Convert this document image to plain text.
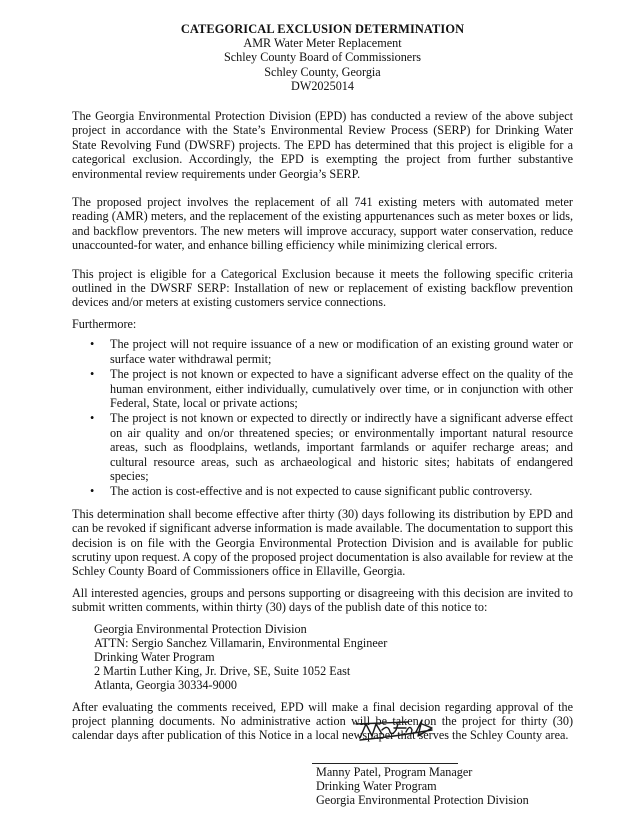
CATEGORICAL EXCLUSION DETERMINATION
AMR Water Meter Replacement
Schley County Board of Commissioners
Schley County, Georgia
DW2025014

The Georgia Environmental Protection Division (EPD) has conducted a review of the above subject project in accordance with the State’s Environmental Review Process (SERP) for Drinking Water State Revolving Fund (DWSRF) projects. The EPD has determined that this project is eligible for a categorical exclusion. Accordingly, the EPD is exempting the project from further substantive environmental review requirements under Georgia’s SERP.

The proposed project involves the replacement of all 741 existing meters with automated meter reading (AMR) meters, and the replacement of the existing appurtenances such as meter boxes or lids, and backflow preventors. The new meters will improve accuracy, support water conservation, reduce unaccounted-for water, and enhance billing efficiency while minimizing clerical errors.

This project is eligible for a Categorical Exclusion because it meets the following specific criteria outlined in the DWSRF SERP: Installation of new or replacement of existing backflow prevention devices and/or meters at existing customers service connections.

Furthermore:

• The project will not require issuance of a new or modification of an existing ground water or surface water withdrawal permit;
• The project is not known or expected to have a significant adverse effect on the quality of the human environment, either individually, cumulatively over time, or in conjunction with other Federal, State, local or private actions;
• The project is not known or expected to directly or indirectly have a significant adverse effect on air quality and on/or threatened species; or environmentally important natural resource areas, such as floodplains, wetlands, important farmlands or aquifer recharge areas; and cultural resource areas, such as archaeological and historic sites; habitats of endangered species;
• The action is cost-effective and is not expected to cause significant public controversy.

This determination shall become effective after thirty (30) days following its distribution by EPD and can be revoked if significant adverse information is made available. The documentation to support this decision is on file with the Georgia Environmental Protection Division and is available for public scrutiny upon request. A copy of the proposed project documentation is also available for review at the Schley County Board of Commissioners office in Ellaville, Georgia.

All interested agencies, groups and persons supporting or disagreeing with this decision are invited to submit written comments, within thirty (30) days of the publish date of this notice to:

Georgia Environmental Protection Division
ATTN: Sergio Sanchez Villamarin, Environmental Engineer
Drinking Water Program
2 Martin Luther King, Jr. Drive, SE, Suite 1052 East
Atlanta, Georgia 30334-9000

After evaluating the comments received, EPD will make a final decision regarding approval of the project planning documents. No administrative action will be taken on the project for thirty (30) calendar days after publication of this Notice in a local newspaper that serves the Schley County area.

Manny Patel, Program Manager
Drinking Water Program
Georgia Environmental Protection Division
